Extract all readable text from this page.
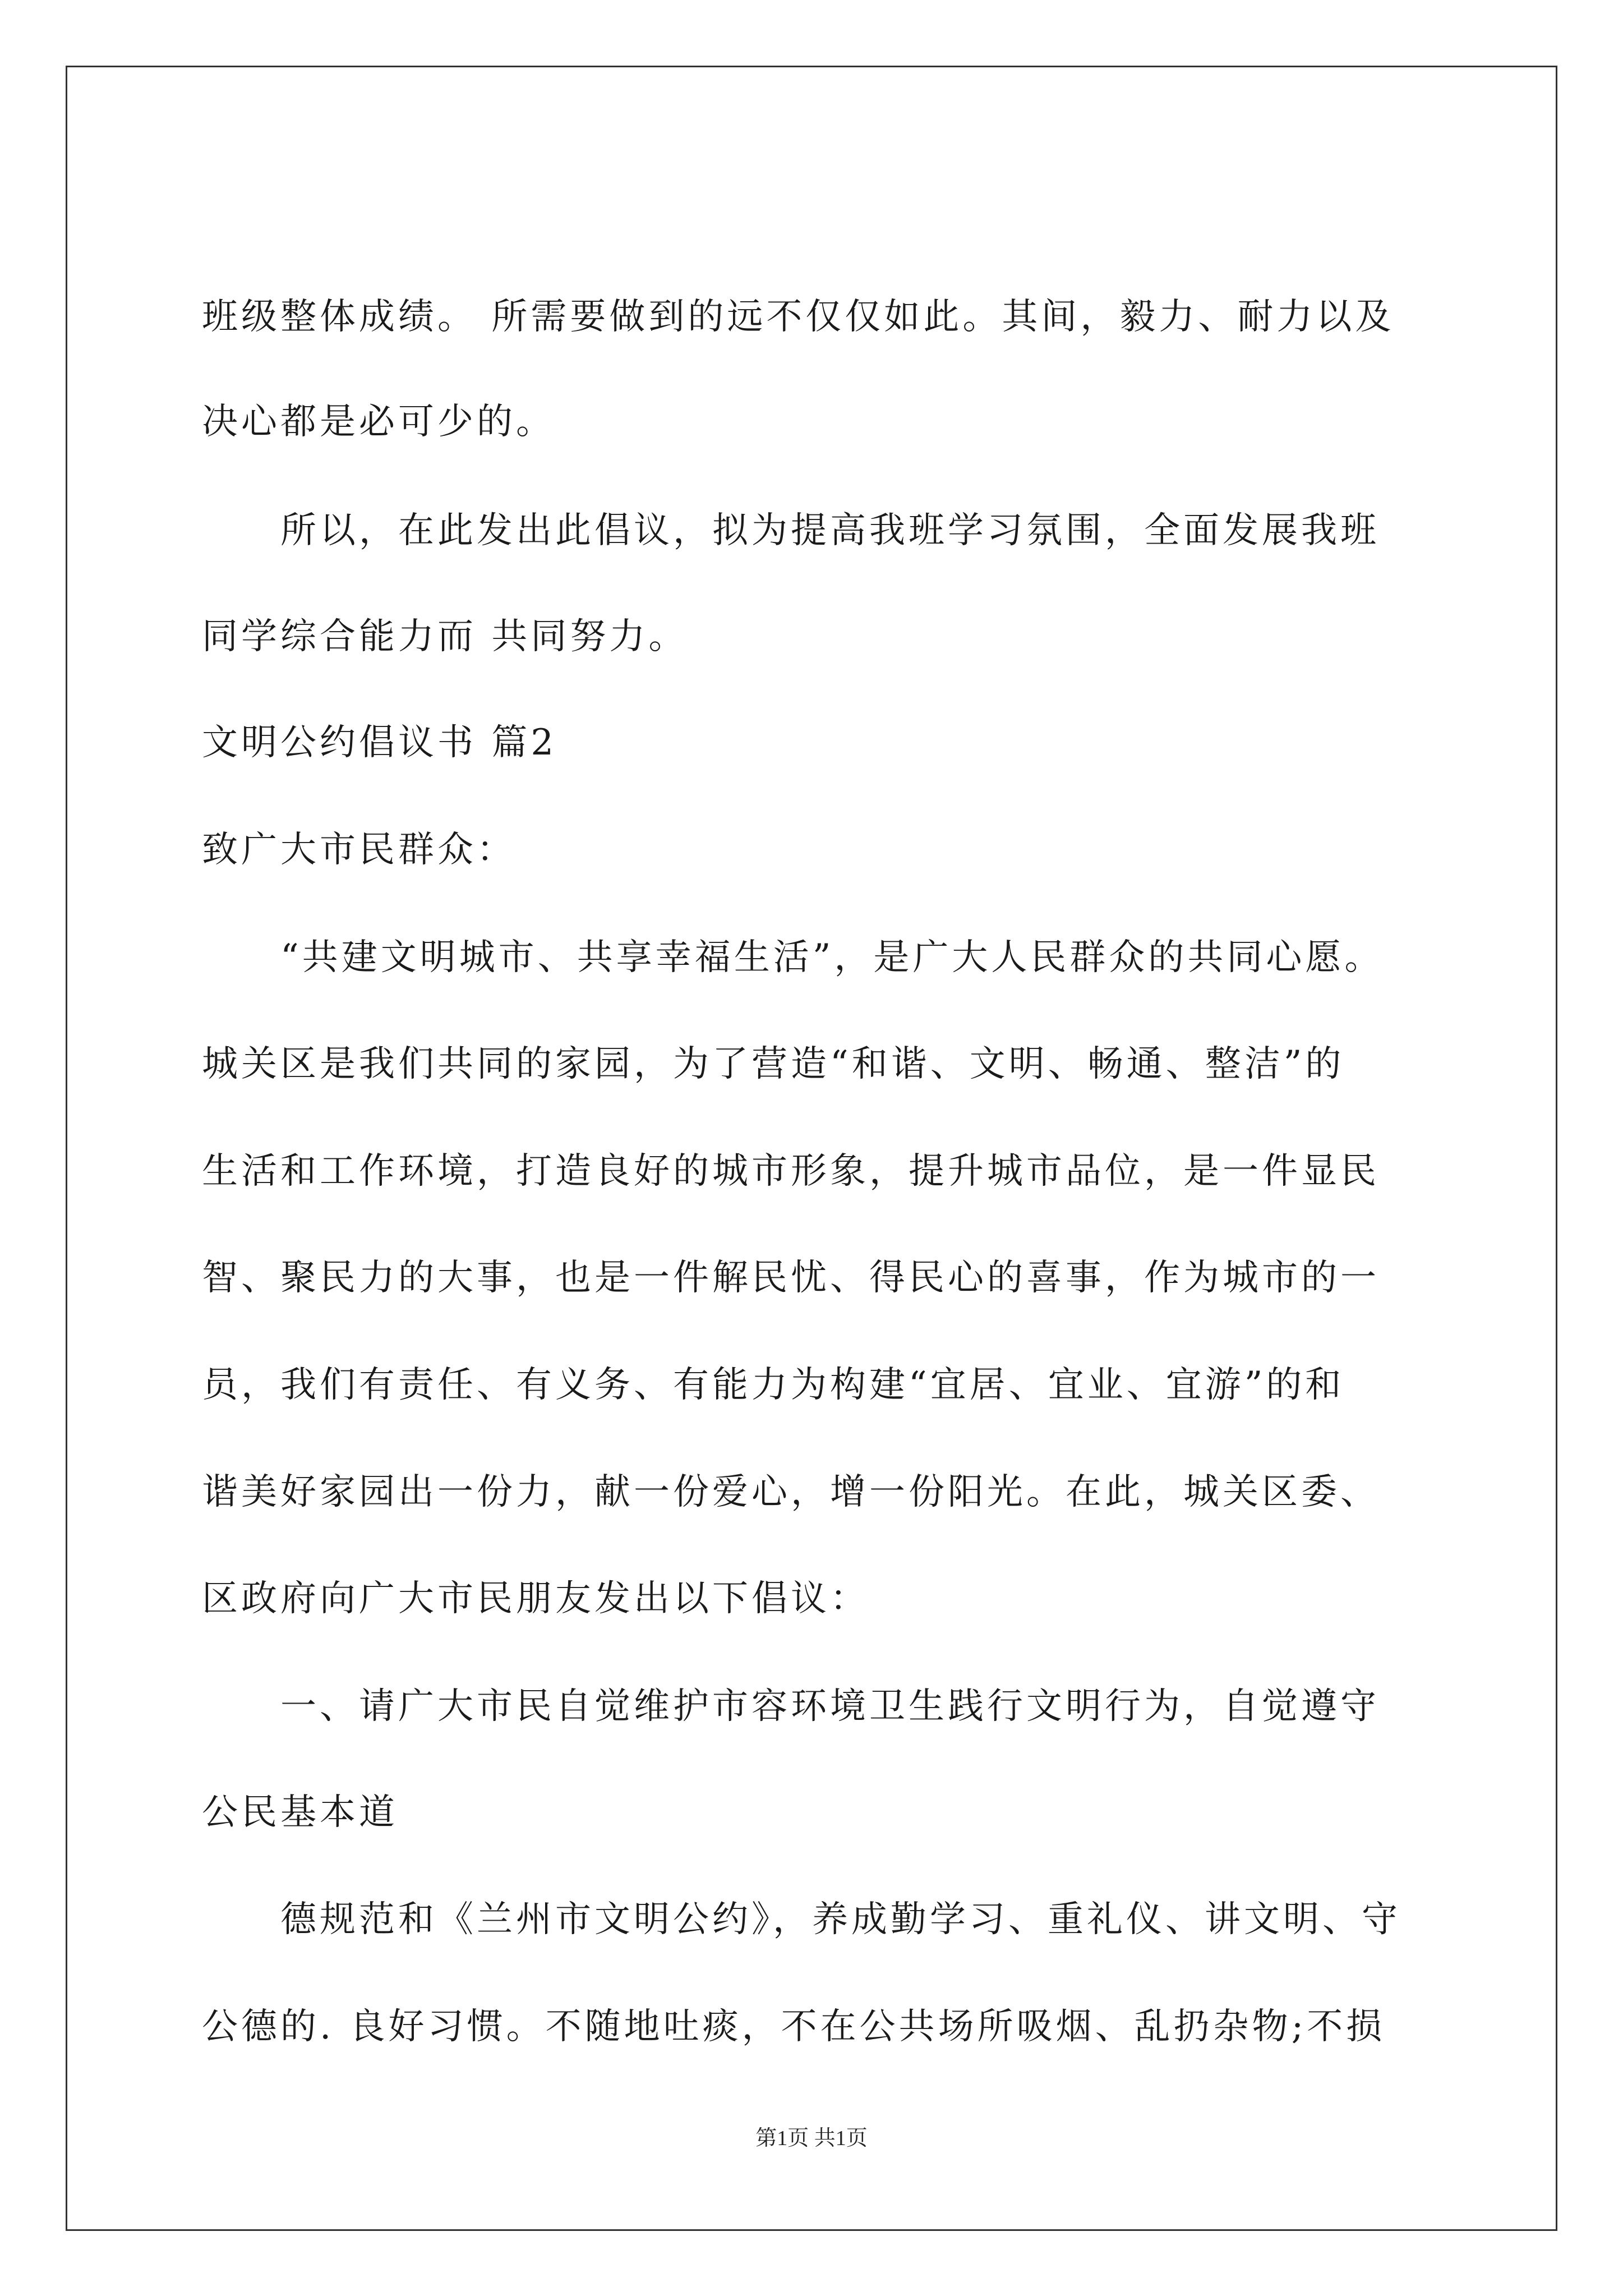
班级整体成绩。 所需要做到的远不仅仅如此。其间，毅力、耐力以及
决心都是必可少的。
所以，在此发出此倡议，拟为提高我班学习氛围，全面发展我班
同学综合能力而 共同努力。
文明公约倡议书 篇2
致广大市民群众：
“共建文明城市、共享幸福生活”，是广大人民群众的共同心愿。
城关区是我们共同的家园，为了营造“和谐、文明、畅通、整洁”的
生活和工作环境，打造良好的城市形象，提升城市品位，是一件显民
智、聚民力的大事，也是一件解民忧、得民心的喜事，作为城市的一
员，我们有责任、有义务、有能力为构建“宜居、宜业、宜游”的和
谐美好家园出一份力，献一份爱心，增一份阳光。在此，城关区委、
区政府向广大市民朋友发出以下倡议：
一、请广大市民自觉维护市容环境卫生践行文明行为，自觉遵守
公民基本道
德规范和《兰州市文明公约》，养成勤学习、重礼仪、讲文明、守
公德的. 良好习惯。不随地吐痰，不在公共场所吸烟、乱扔杂物;不损
第1页 共1页
